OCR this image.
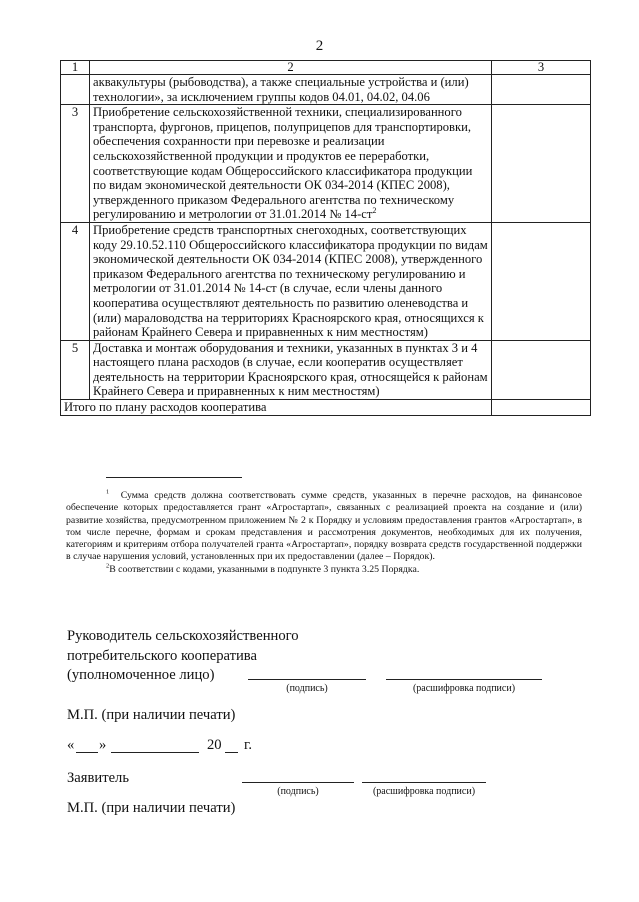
2
1	2	3
	аквакультуры (рыбоводства), а также специальные устройства и (или) технологии», за исключением группы кодов 04.01, 04.02, 04.06	
3	Приобретение сельскохозяйственной техники, специализированного транспорта, фургонов, прицепов, полуприцепов для транспортировки, обеспечения сохранности при перевозке и реализации сельскохозяйственной продукции и продуктов ее переработки, соответствующие кодам Общероссийского классификатора продукции по видам экономической деятельности ОК 034-2014 (КПЕС 2008), утвержденного приказом Федерального агентства по техническому регулированию и метрологии от 31.01.2014 № $14-ст^2$	
4	Приобретение средств транспортных снегоходных, соответствующих коду 29.10.52.110 Общероссийского классификатора продукции по видам экономической деятельности ОК 034-2014 (КПЕС 2008), утвержденного приказом Федерального агентства по техническому регулированию и метрологии от 31.01.2014 № 14-ст (в случае, если члены данного кооператива осуществляют деятельность по развитию оленеводства и (или) мараловодства на территориях Красноярского края, относящихся к районам Крайнего Севера и приравненных к ним местностям)	
5	Доставка и монтаж оборудования и техники, указанных в пунктах 3 и 4 настоящего плана расходов (в случае, если кооператив осуществляет деятельность на территории Красноярского края, относящейся к районам Крайнего Севера и приравненных к ним местностям)	
Итого по плану расходов кооператива		

$^1$ Сумма средств должна соответствовать сумме средств, указанных в перечне расходов, на финансовое обеспечение которых предоставляется грант «Агростартап», связанных с реализацией проекта на создание и (или) развитие хозяйства, предусмотренном приложением № 2 к Порядку и условиям предоставления грантов «Агростартап», в том числе перечне, формам и срокам представления и рассмотрения документов, необходимых для их получения, категориям и критериям отбора получателей гранта «Агростартап», порядку возврата средств государственной поддержки в случае нарушения условий, установленных при их предоставлении (далее – Порядок).

$^2$В соответствии с кодами, указанными в подпункте 3 пункта 3.25 Порядка.

Руководитель сельскохозяйственного
потребительского кооператива
(уполномоченное лицо)
(подпись)	(расшифровка подписи)
М.П. (при наличии печати)
« »	20 г.
Заявитель
(подпись)	(расшифровка подписи)
М.П. (при наличии печати)
